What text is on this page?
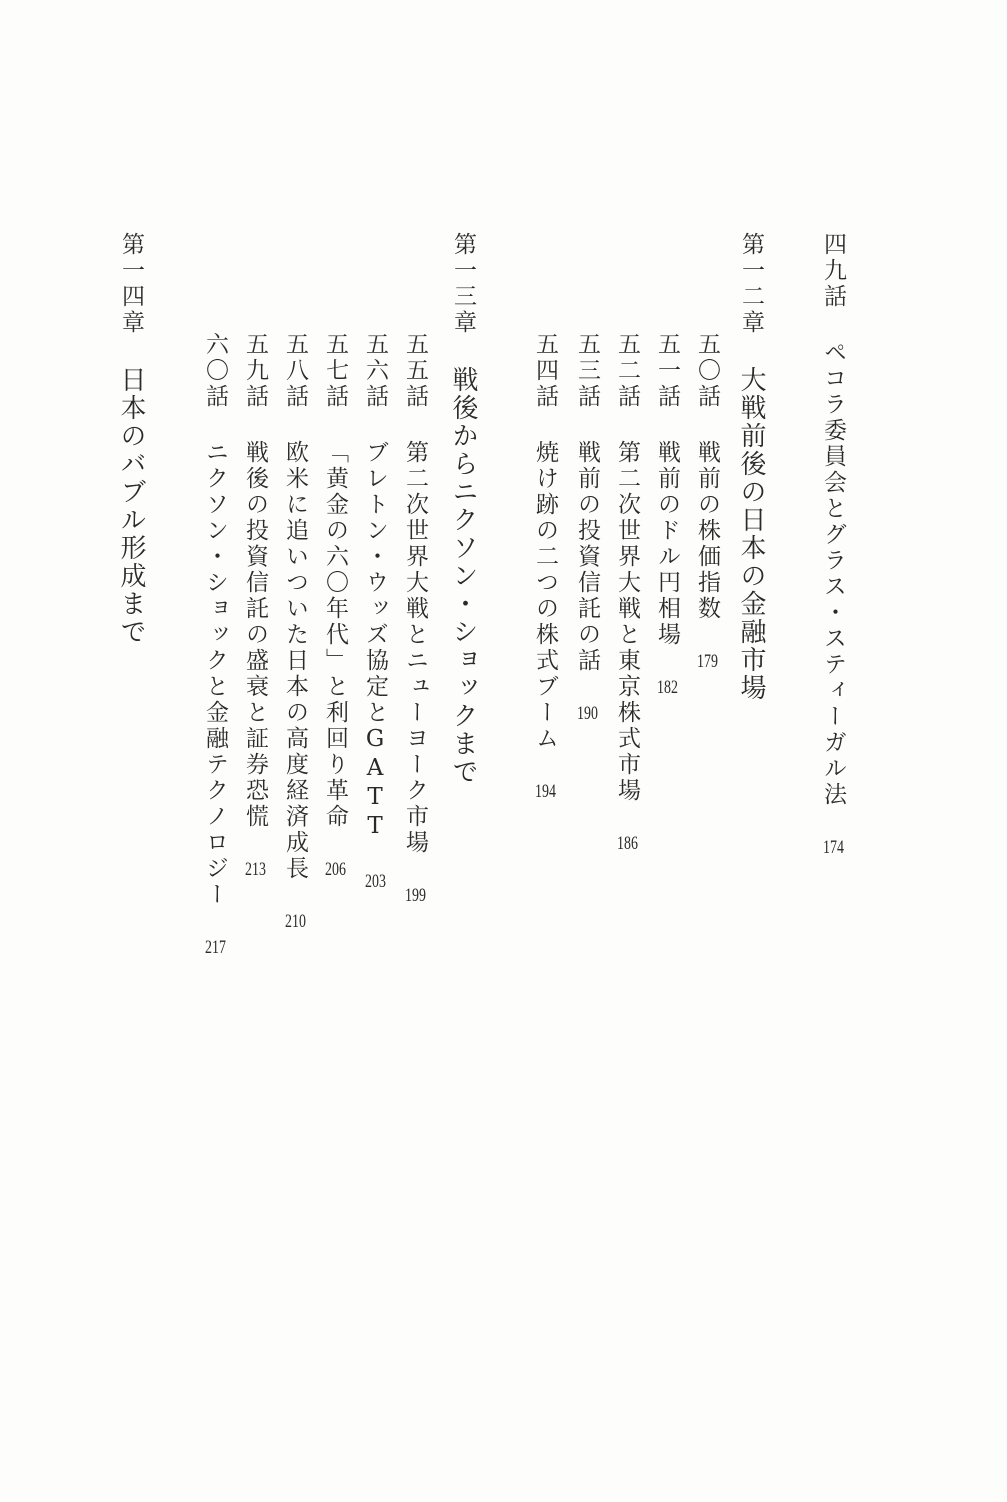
四九話ペコラ委員会とグラス・スティーガル法174
第一二章大戦前後の日本の金融市場
五〇話戦前の株価指数179
五一話戦前のドル円相場182
五二話第二次世界大戦と東京株式市場186
五三話戦前の投資信託の話190
五四話焼け跡の二つの株式ブーム194
第一三章戦後からニクソン・ショックまで
五五話第二次世界大戦とニューヨーク市場199
五六話ブレトン・ウッズ協定とGATT203
五七話「黄金の六〇年代」と利回り革命206
五八話欧米に追いついた日本の高度経済成長210
五九話戦後の投資信託の盛衰と証券恐慌213
六〇話ニクソン・ショックと金融テクノロジー217
第一四章日本のバブル形成まで
